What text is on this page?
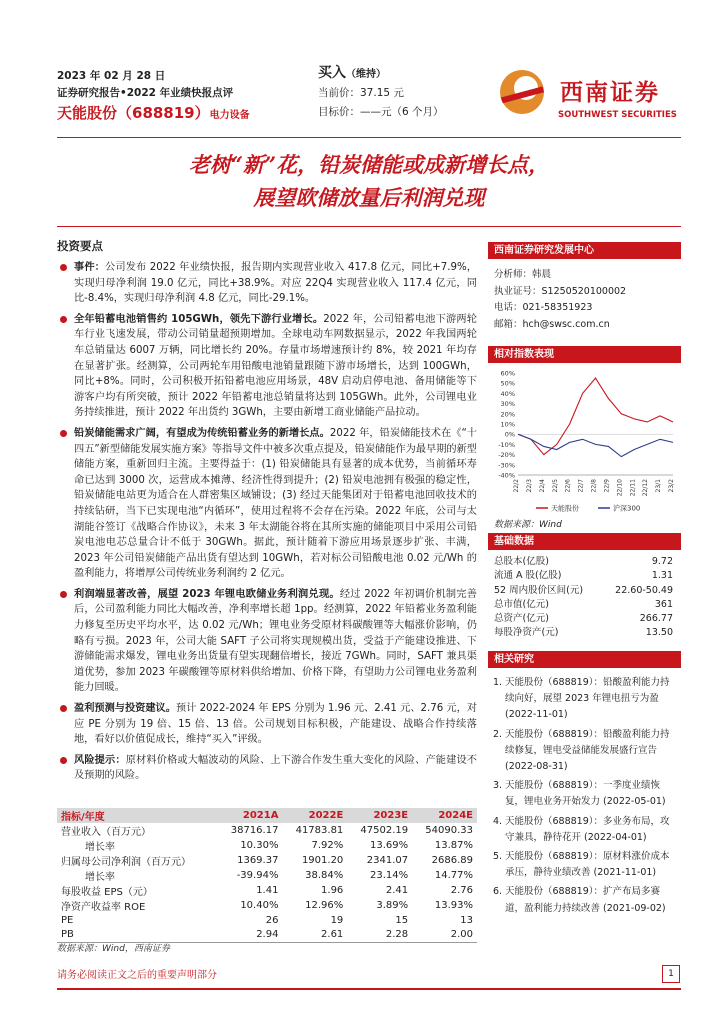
2023 年 02 月 28 日
证券研究报告•2022 年业绩快报点评
天能股份（688819）电力设备
买入（维持）
当前价：37.15 元
目标价：——元（6 个月）
西南证券
SOUTHWEST SECURITIES
老树“新”花，铅炭储能或成新增长点，
展望欧储放量后利润兑现
投资要点
事件：公司发布 2022 年业绩快报，报告期内实现营业收入 417.8 亿元，同比+7.9%，实现归母净利润 19.0 亿元，同比+38.9%。对应 22Q4 实现营业收入 117.4 亿元，同比-8.4%，实现归母净利润 4.8 亿元，同比-29.1%。
全年铅蓄电池销售约 105GWh，领先下游行业增长。2022 年，公司铅蓄电池下游两轮车行业飞速发展，带动公司销量超预期增加。全球电动车网数据显示，2022 年我国两轮车总销量达 6007 万辆，同比增长约 20%。存量市场增速预计约 8%，较 2021 年均存在显著扩张。经测算，公司两轮车用铅酸电池销量跟随下游市场增长，达到 100GWh，同比+8%。同时，公司积极开拓铅蓄电池应用场景，48V 启动启停电池、备用储能等下游客户均有所突破，预计 2022 年铅蓄电池总销量将达到 105GWh。此外，公司锂电业务持续推进，预计 2022 年出货约 3GWh，主要由新增工商业储能产品拉动。
铅炭储能需求广阔，有望成为传统铅蓄业务的新增长点。2022 年，铅炭储能技术在《“十四五”新型储能发展实施方案》等指导文件中被多次重点提及，铅炭储能作为最早期的新型储能方案，重新回归主流。主要得益于：(1) 铅炭储能具有显著的成本优势，当前循环寿命已达到 3000 次，运营成本摊薄、经济性得到提升；(2) 铅炭电池拥有极强的稳定性，铅炭储能电站更为适合在人群密集区域铺设；(3) 经过天能集团对于铅蓄电池回收技术的持续钻研，当下已实现电池“内循环”，使用过程将不会存在污染。2022 年底，公司与太湖能谷签订《战略合作协议》，未来 3 年太湖能谷将在其所实施的储能项目中采用公司铅炭电池电芯总量合计不低于 30GWh。据此，预计随着下游应用场景逐步扩张、丰满，2023 年公司铅炭储能产品出货有望达到 10GWh，若对标公司铅酸电池 0.02 元/Wh 的盈利能力，将增厚公司传统业务利润约 2 亿元。
利润端显著改善，展望 2023 年锂电欧储业务利润兑现。经过 2022 年初调价机制完善后，公司盈利能力同比大幅改善，净利率增长超 1pp。经测算，2022 年铅蓄业务盈利能力修复至历史平均水平，达 0.02 元/Wh；锂电业务受原材料碳酸锂等大幅涨价影响，仍略有亏损。2023 年，公司大能 SAFT 子公司将实现规模出货，受益于产能建设推进、下游储能需求爆发，锂电业务出货量有望实现翻倍增长，接近 7GWh。同时，SAFT 兼具渠道优势，参加 2023 年碳酸锂等原材料供给增加、价格下降，有望助力公司锂电业务盈利能力回暖。
盈利预测与投资建议。预计 2022-2024 年 EPS 分别为 1.96 元、2.41 元、2.76 元，对应 PE 分别为 19 倍、15 倍、13 倍。公司规划目标积极，产能建设、战略合作持续落地，看好以价值促成长，维持“买入”评级。
风险提示：原材料价格或大幅波动的风险、上下游合作发生重大变化的风险、产能建设不及预期的风险。
指标/年度	2021A	2022E	2023E	2024E
营业收入（百万元）	38716.17	41783.81	47502.19	54090.33
增长率	10.30%	7.92%	13.69%	13.87%
归属母公司净利润（百万元）	1369.37	1901.20	2341.07	2686.89
增长率	-39.94%	38.84%	23.14%	14.77%
每股收益 EPS（元）	1.41	1.96	2.41	2.76
净资产收益率 ROE	10.40%	12.96%	3.89%	13.93%
PE	26	19	15	13
PB	2.94	2.61	2.28	2.00
数据来源：Wind，西南证券
西南证券研究发展中心
分析师：韩晨
执业证号：S1250520100002
电话：021-58351923
邮箱：hch@swsc.com.cn
相对指数表现
-40%
-30%
-20%
-10%
0%
10%
20%
30%
40%
50%
60%
22/2 22/3 22/4 22/5 22/6 22/7 22/8 22/9 22/10 22/11 22/12 23/1 23/2
天能股份	沪深300
数据来源：Wind
基础数据
总股本(亿股)	9.72
流通 A 股(亿股)	1.31
52 周内股价区间(元)	22.60-50.49
总市值(亿元)	361
总资产(亿元)	266.77
每股净资产(元)	13.50
相关研究
1. 天能股份（688819）：铅酸盈利能力持续向好，展望 2023 年锂电扭亏为盈 (2022-11-01)
2. 天能股份（688819）：铅酸盈利能力持续修复，锂电受益储能发展盛行宣告 (2022-08-31)
3. 天能股份（688819）：一季度业绩恢复，锂电业务开始发力 (2022-05-01)
4. 天能股份（688819）：多业务布局，攻守兼具，静待花开 (2022-04-01)
5. 天能股份（688819）：原材料涨价成本承压，静待业绩改善 (2021-11-01)
6. 天能股份（688819）：扩产布局多赛道，盈利能力持续改善 (2021-09-02)
请务必阅读正文之后的重要声明部分	1
